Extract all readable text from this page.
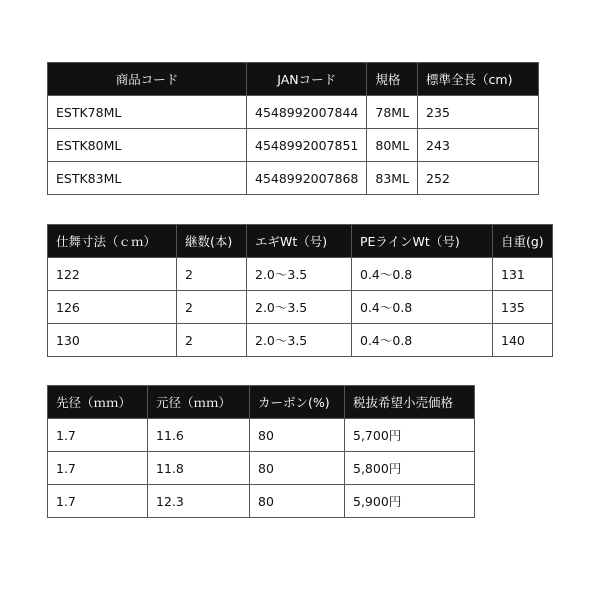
商品コード	JANコード	規格	標準全長（cm)
ESTK78ML	4548992007844	78ML	235
ESTK80ML	4548992007851	80ML	243
ESTK83ML	4548992007868	83ML	252
仕舞寸法（ｃｍ）	継数(本)	エギWt（号)	PEラインWt（号)	自重(g)
122	2	2.0〜3.5	0.4〜0.8	131
126	2	2.0〜3.5	0.4〜0.8	135
130	2	2.0〜3.5	0.4〜0.8	140
先径（ｍｍ）	元径（ｍｍ）	カーボン(%)	税抜希望小売価格
1.7	11.6	80	5,700円
1.7	11.8	80	5,800円
1.7	12.3	80	5,900円
